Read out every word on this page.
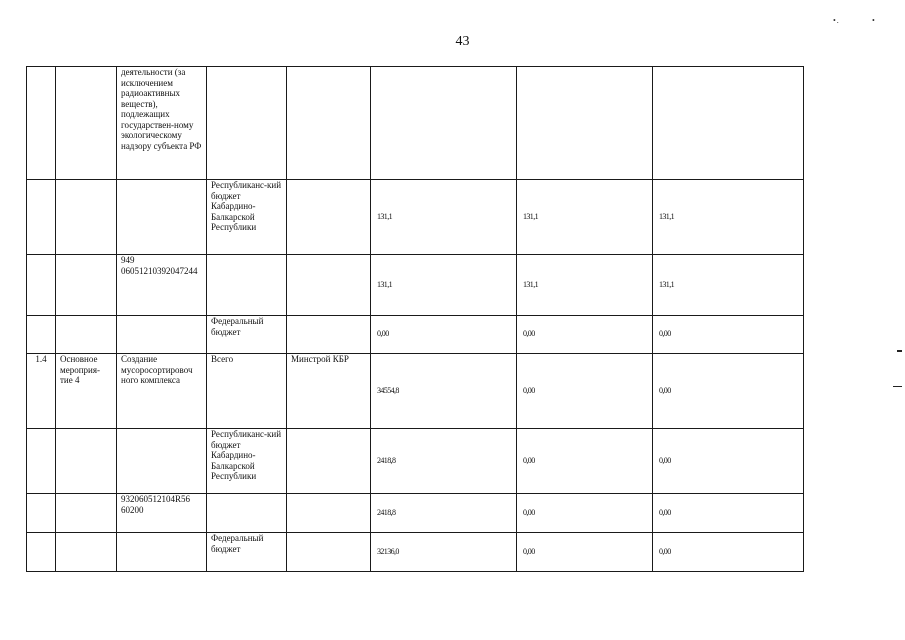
43
•.	•
		деятельности (за исключением радиоактивных веществ), подлежащих государствен-ному экологическому надзору субъекта РФ					
			Республиканс-кий бюджет Кабардино-Балкарской Республики		131,1	131,1	131,1
		949 06051210392047244			131,1	131,1	131,1
			Федеральный бюджет		0,00	0,00	0,00
1.4	Основное мероприя-тие 4	Создание мусоросортировоч ного комплекса	Всего	Минстрой КБР	34554,8	0,00	0,00
			Республиканс-кий бюджет Кабардино-Балкарской Республики		2418,8	0,00	0,00
		932060512104R56 60200			2418,8	0,00	0,00
			Федеральный бюджет		32136,0	0,00	0,00
